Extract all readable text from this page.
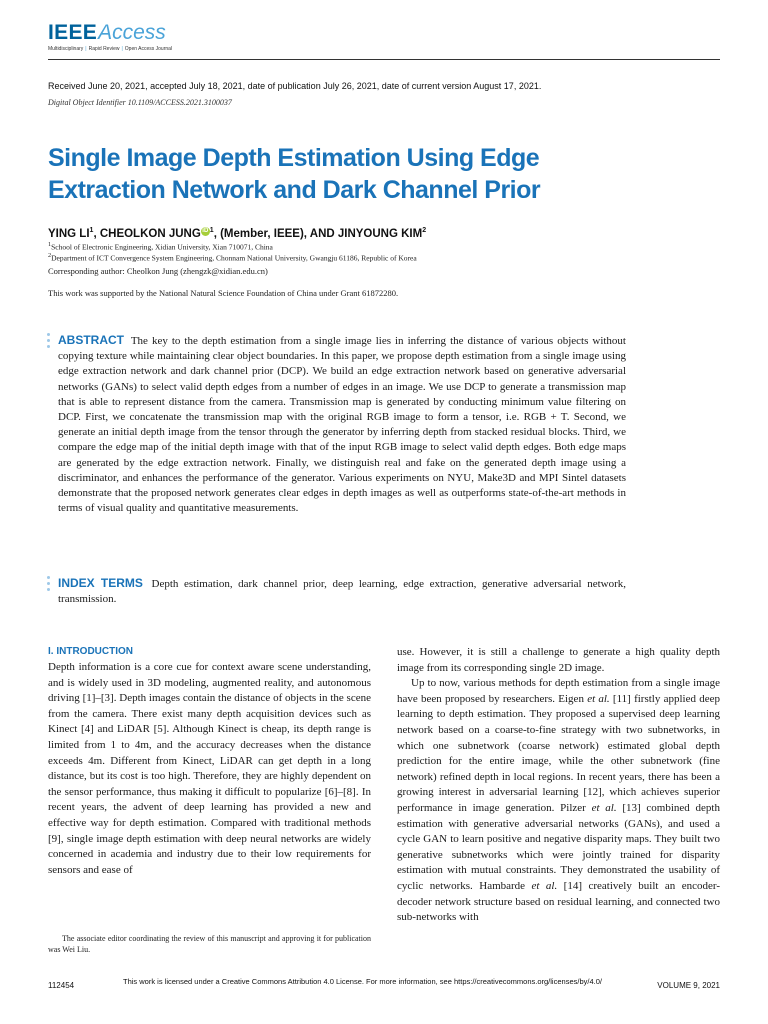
IEEEAccess
Multidisciplinary | Rapid Review | Open Access Journal
Received June 20, 2021, accepted July 18, 2021, date of publication July 26, 2021, date of current version August 17, 2021.
Digital Object Identifier 10.1109/ACCESS.2021.3100037
Single Image Depth Estimation Using Edge
Extraction Network and Dark Channel Prior
YING $LI^1$, CHEOLKON JUNG iD $^1$, (Member, IEEE), AND JINYOUNG KIM$^2$
$^1$School of Electronic Engineering, Xidian University, Xian 710071, China
$^2$Department of ICT Convergence System Engineering, Chonnam National University, Gwangju 61186, Republic of Korea
Corresponding author: Cheolkon Jung (zhengzk@xidian.edu.cn)
This work was supported by the National Natural Science Foundation of China under Grant 61872280.
ABSTRACT The key to the depth estimation from a single image lies in inferring the distance of various objects without copying texture while maintaining clear object boundaries. In this paper, we propose depth estimation from a single image using edge extraction network and dark channel prior (DCP). We build an edge extraction network based on generative adversarial networks (GANs) to select valid depth edges from a number of edges in an image. We use DCP to generate a transmission map that is able to represent distance from the camera. Transmission map is generated by conducting minimum value filtering on DCP. First, we concatenate the transmission map with the original RGB image to form a tensor, i.e. RGB + T. Second, we generate an initial depth image from the tensor through the generator by inferring depth from stacked residual blocks. Third, we compare the edge map of the initial depth image with that of the input RGB image to select valid depth edges. Both edge maps are generated by the edge extraction network. Finally, we distinguish real and fake on the generated depth image using a discriminator, and enhances the performance of the generator. Various experiments on NYU, Make3D and MPI Sintel datasets demonstrate that the proposed network generates clear edges in depth images as well as outperforms state-of-the-art methods in terms of visual quality and quantitative measurements.
INDEX TERMS Depth estimation, dark channel prior, deep learning, edge extraction, generative adversarial network, transmission.
I. INTRODUCTION

Depth information is a core cue for context aware scene understanding, and is widely used in 3D modeling, augmented reality, and autonomous driving [1]–[3]. Depth images contain the distance of objects in the scene from the camera. There exist many depth acquisition devices such as Kinect [4] and LiDAR [5]. Although Kinect is cheap, its depth range is limited from 1 to 4m, and the accuracy decreases when the distance exceeds 4m. Different from Kinect, LiDAR can get depth in a long distance, but its cost is too high. Therefore, they are highly dependent on the sensor performance, thus making it difficult to popularize [6]–[8]. In recent years, the advent of deep learning has provided a new and effective way for depth estimation. Compared with traditional methods [9], single image depth estimation with deep neural networks are widely concerned in academia and industry due to their low requirements for sensors and ease of

The associate editor coordinating the review of this manuscript and approving it for publication was Wei Liu.

use. However, it is still a challenge to generate a high quality depth image from its corresponding single 2D image.

Up to now, various methods for depth estimation from a single image have been proposed by researchers. Eigen et al. [11] firstly applied deep learning to depth estimation. They proposed a supervised deep learning network based on a coarse-to-fine strategy with two subnetworks, in which one subnetwork (coarse network) estimated global depth prediction for the entire image, while the other subnetwork (fine network) refined depth in local regions. In recent years, there has been a growing interest in adversarial learning [12], which achieves superior performance in image generation. Pilzer et al. [13] combined depth estimation with generative adversarial networks (GANs), and used a cycle GAN to learn positive and negative disparity maps. They built two generative subnetworks which were jointly trained for disparity estimation with mutual constraints. They demonstrated the usability of cyclic networks. Hambarde et al. [14] creatively built an encoder-decoder network structure based on residual learning, and connected two sub-networks with

112454	This work is licensed under a Creative Commons Attribution 4.0 License. For more information, see https://creativecommons.org/licenses/by/4.0/	VOLUME 9, 2021
